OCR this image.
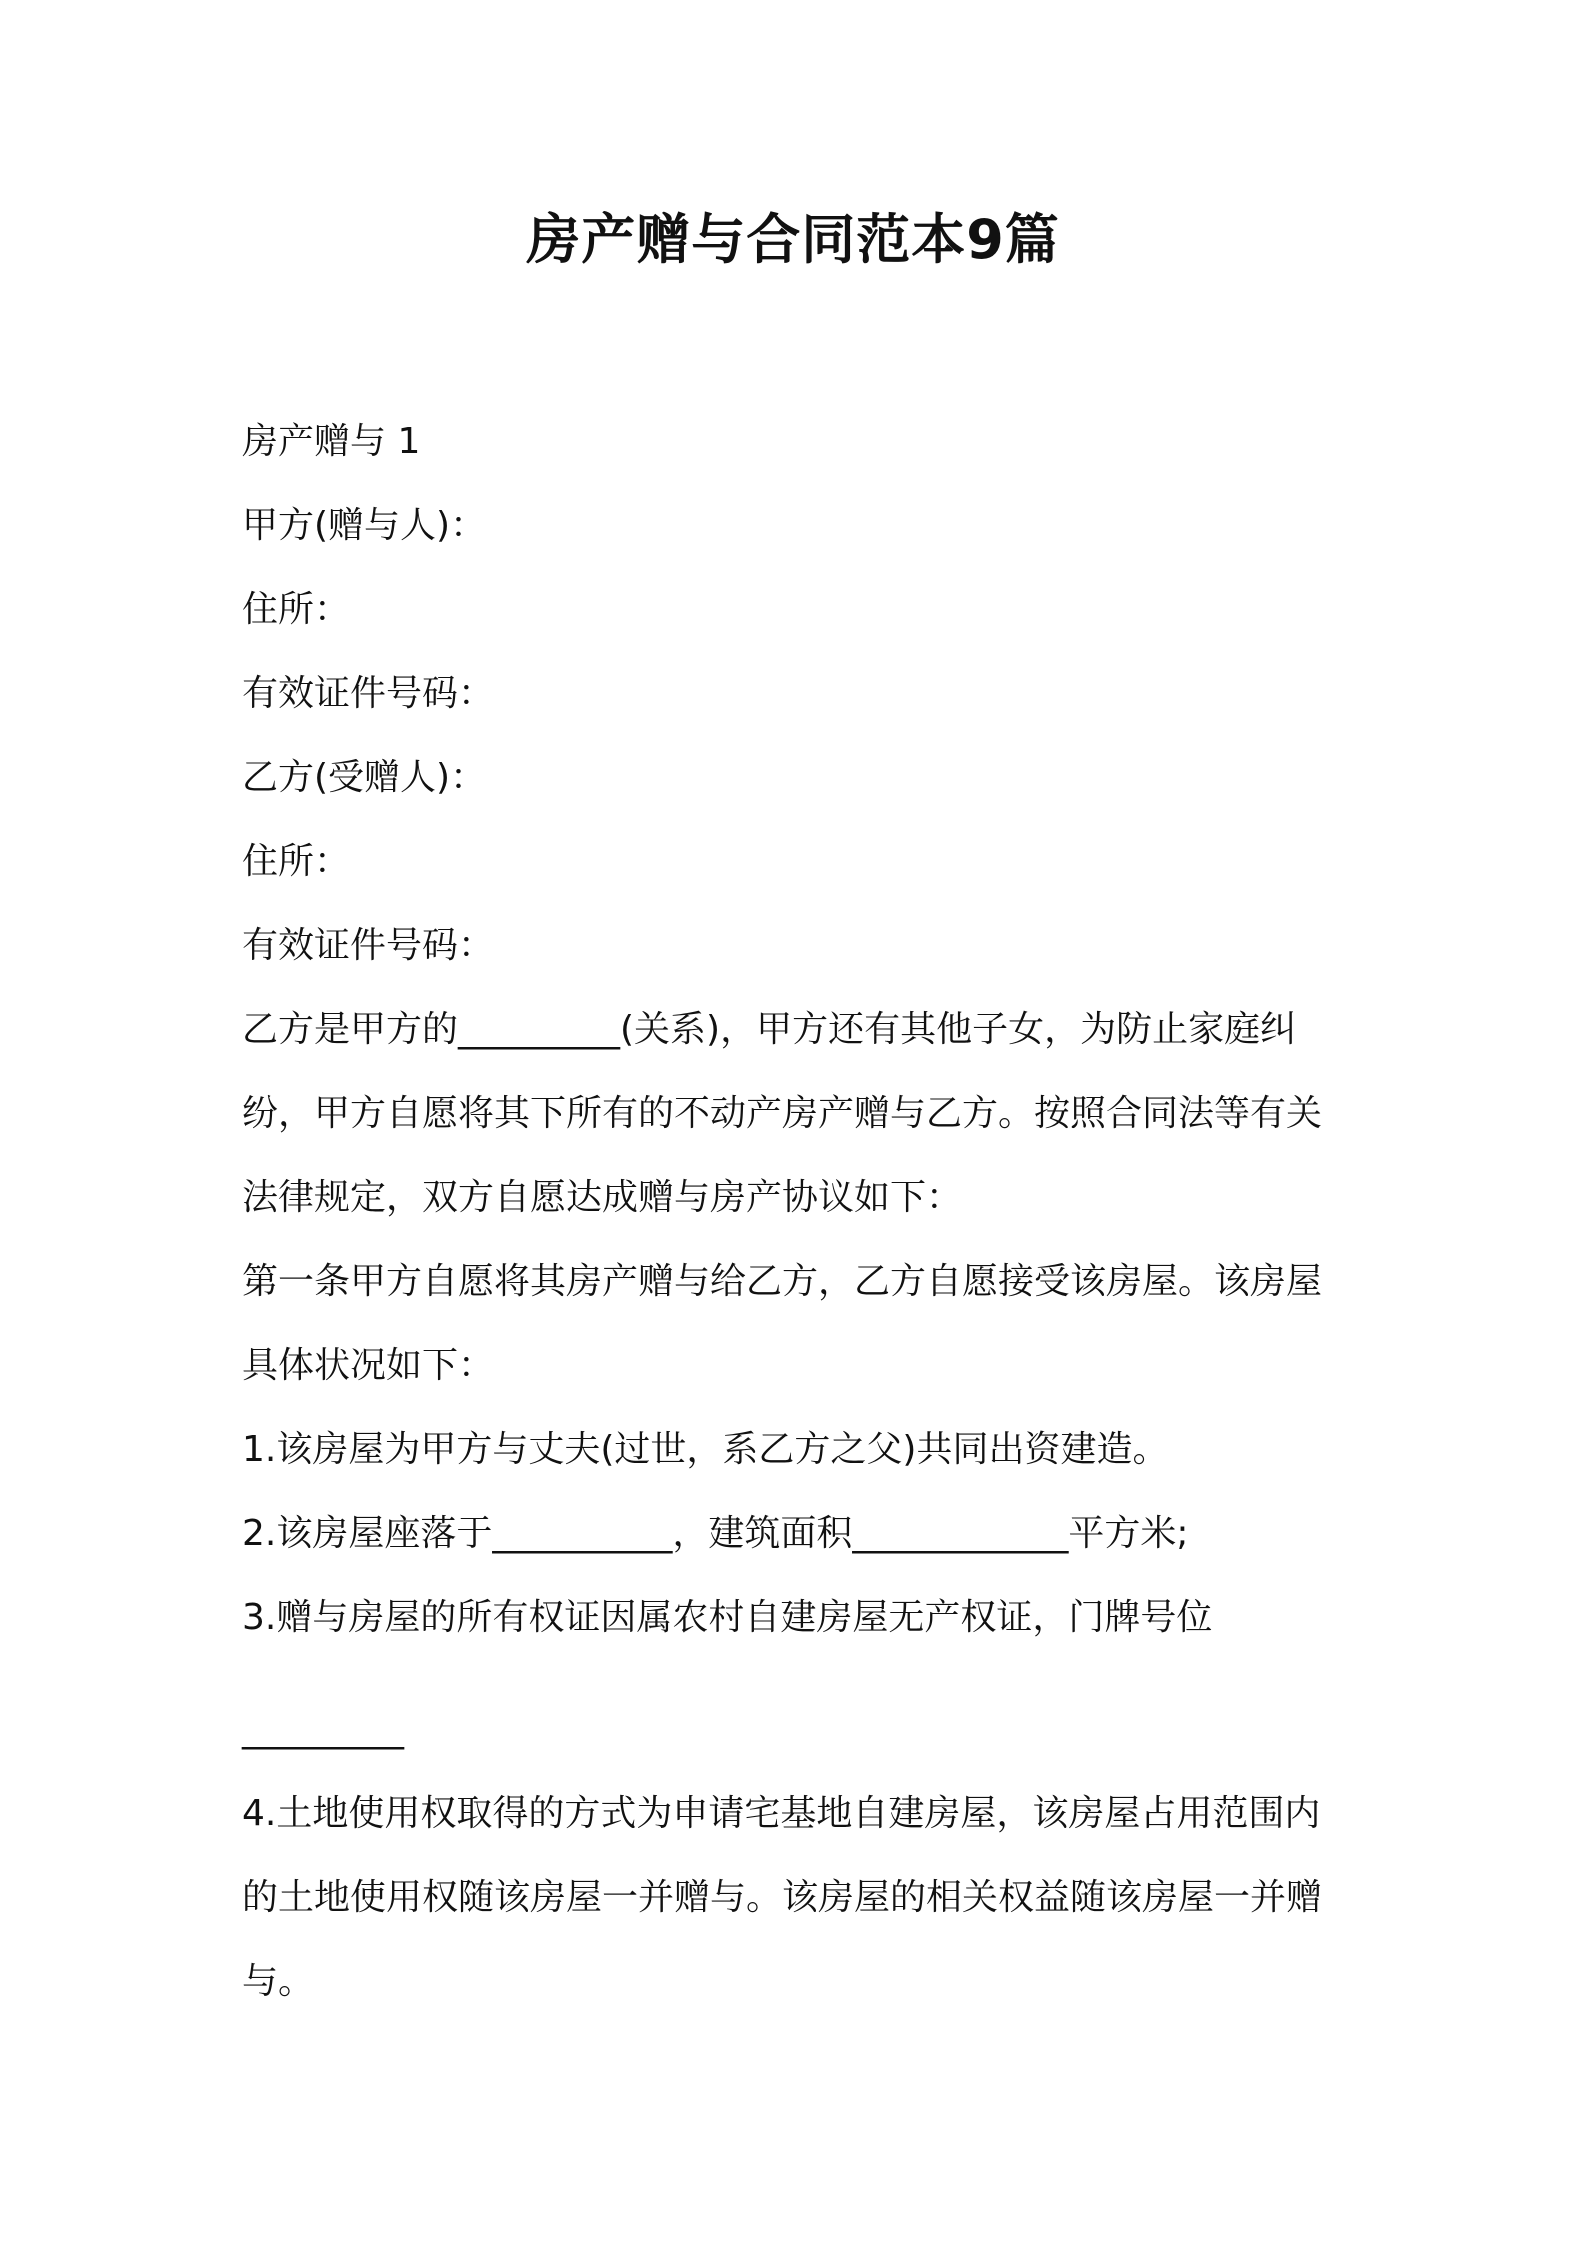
房产赠与合同范本9篇
房产赠与 1
甲方(赠与人)：
住所：
有效证件号码：
乙方(受赠人)：
住所：
有效证件号码：
乙方是甲方的_________(关系)，甲方还有其他子女，为防止家庭纠
纷，甲方自愿将其下所有的不动产房产赠与乙方。按照合同法等有关
法律规定，双方自愿达成赠与房产协议如下：
第一条甲方自愿将其房产赠与给乙方，乙方自愿接受该房屋。该房屋
具体状况如下：
1.该房屋为甲方与丈夫(过世，系乙方之父)共同出资建造。
2.该房屋座落于__________，建筑面积____________平方米;
3.赠与房屋的所有权证因属农村自建房屋无产权证，门牌号位
_________
4.土地使用权取得的方式为申请宅基地自建房屋，该房屋占用范围内
的土地使用权随该房屋一并赠与。该房屋的相关权益随该房屋一并赠
与。
